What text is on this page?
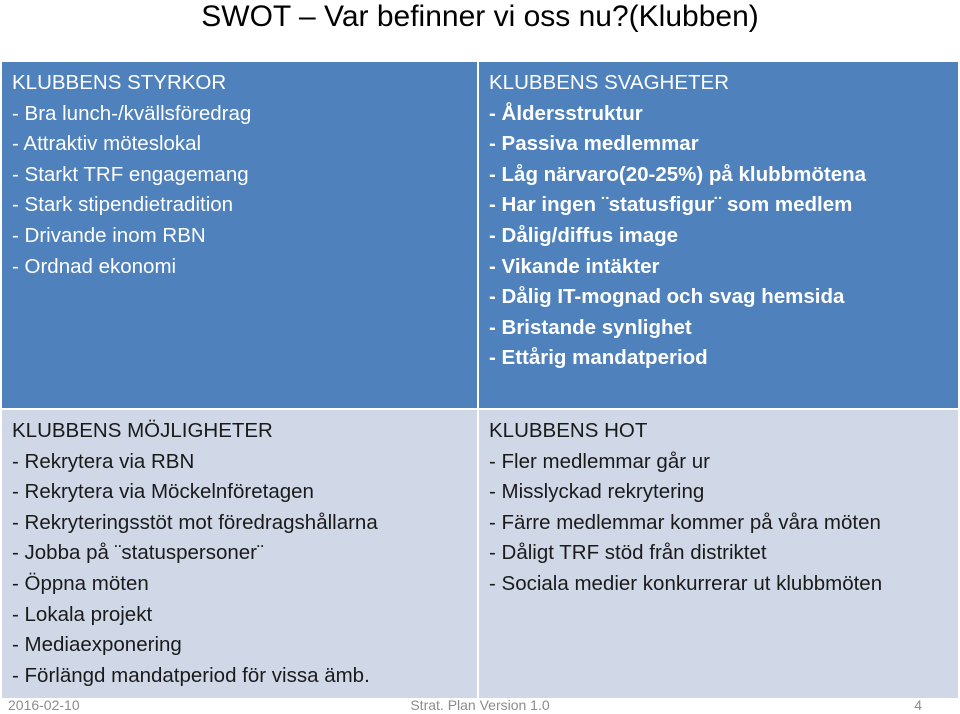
SWOT – Var befinner vi oss nu?(Klubben)
KLUBBENS STYRKOR
- Bra lunch-/kvällsföredrag
- Attraktiv möteslokal
- Starkt TRF engagemang
- Stark stipendietradition
- Drivande inom RBN
- Ordnad ekonomi
KLUBBENS SVAGHETER
- Åldersstruktur
- Passiva medlemmar
- Låg närvaro(20-25%) på klubbmötena
- Har ingen ¨statusfigur¨ som medlem
- Dålig/diffus image
- Vikande intäkter
- Dålig IT-mognad och svag hemsida
- Bristande synlighet
- Ettårig mandatperiod
KLUBBENS MÖJLIGHETER
- Rekrytera via RBN
- Rekrytera via Möckelnföretagen
- Rekryteringsstöt mot föredragshållarna
- Jobba på ¨statuspersoner¨
- Öppna möten
- Lokala projekt
- Mediaexponering
- Förlängd mandatperiod för vissa ämb.
KLUBBENS HOT
- Fler medlemmar går ur
- Misslyckad rekrytering
- Färre medlemmar kommer på våra möten
- Dåligt TRF stöd från distriktet
- Sociala medier konkurrerar ut klubbmöten
2016-02-10	Strat. Plan Version 1.0	4
